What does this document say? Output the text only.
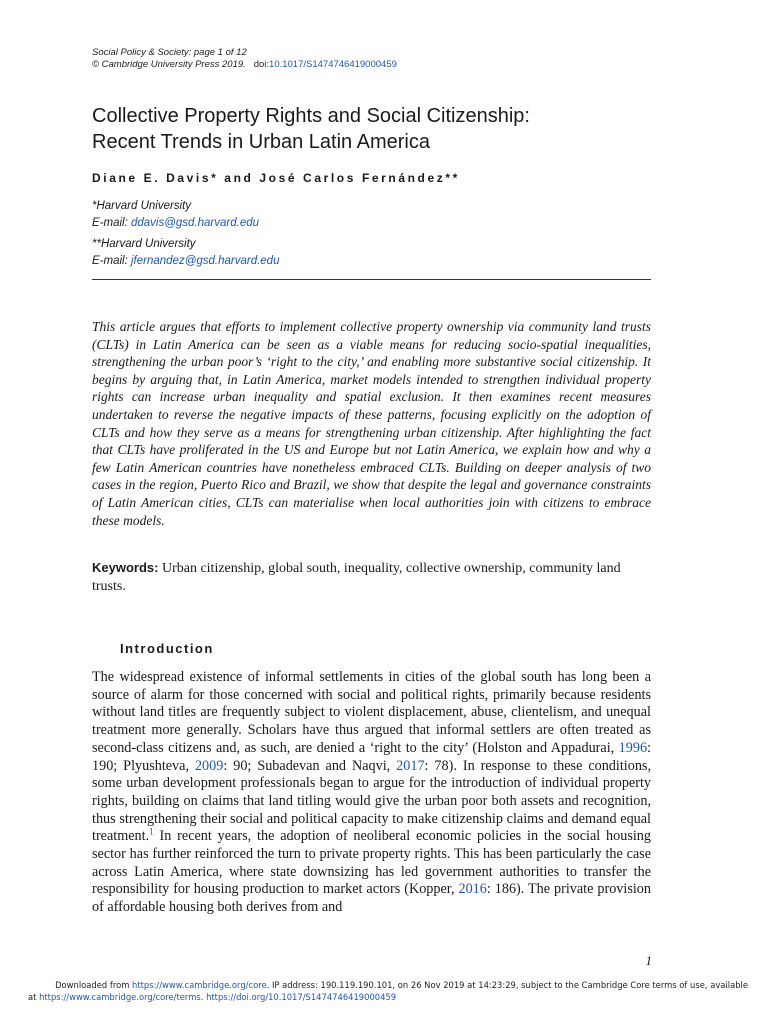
Social Policy & Society: page 1 of 12
© Cambridge University Press 2019. doi:10.1017/S1474746419000459
Collective Property Rights and Social Citizenship:
Recent Trends in Urban Latin America
Diane E. Davis* and José Carlos Fernández**
*Harvard University
E-mail: ddavis@gsd.harvard.edu
**Harvard University
E-mail: jfernandez@gsd.harvard.edu
This article argues that efforts to implement collective property ownership via community land trusts (CLTs) in Latin America can be seen as a viable means for reducing socio-spatial inequalities, strengthening the urban poor’s ‘right to the city,’ and enabling more substantive social citizenship. It begins by arguing that, in Latin America, market models intended to strengthen individual property rights can increase urban inequality and spatial exclusion. It then examines recent measures undertaken to reverse the negative impacts of these patterns, focusing explicitly on the adoption of CLTs and how they serve as a means for strengthening urban citizenship. After highlighting the fact that CLTs have proliferated in the US and Europe but not Latin America, we explain how and why a few Latin American countries have nonetheless embraced CLTs. Building on deeper analysis of two cases in the region, Puerto Rico and Brazil, we show that despite the legal and governance constraints of Latin American cities, CLTs can materialise when local authorities join with citizens to embrace these models.
Keywords: Urban citizenship, global south, inequality, collective ownership, community land trusts.
Introduction
The widespread existence of informal settlements in cities of the global south has long been a source of alarm for those concerned with social and political rights, primarily because residents without land titles are frequently subject to violent displacement, abuse, clientelism, and unequal treatment more generally. Scholars have thus argued that informal settlers are often treated as second-class citizens and, as such, are denied a ‘right to the city’ (Holston and Appadurai, 1996: 190; Plyushteva, 2009: 90; Subadevan and Naqvi, 2017: 78). In response to these conditions, some urban development professionals began to argue for the introduction of individual property rights, building on claims that land titling would give the urban poor both assets and recognition, thus strengthening their social and political capacity to make citizenship claims and demand equal treatment.$^1$ In recent years, the adoption of neoliberal economic policies in the social housing sector has further reinforced the turn to private property rights. This has been particularly the case across Latin America, where state downsizing has led government authorities to transfer the responsibility for housing production to market actors (Kopper, 2016: 186). The private provision of affordable housing both derives from and
1
Downloaded from https://www.cambridge.org/core. IP address: 190.119.190.101, on 26 Nov 2019 at 14:23:29, subject to the Cambridge Core terms of use, available
at https://www.cambridge.org/core/terms. https://doi.org/10.1017/S1474746419000459
